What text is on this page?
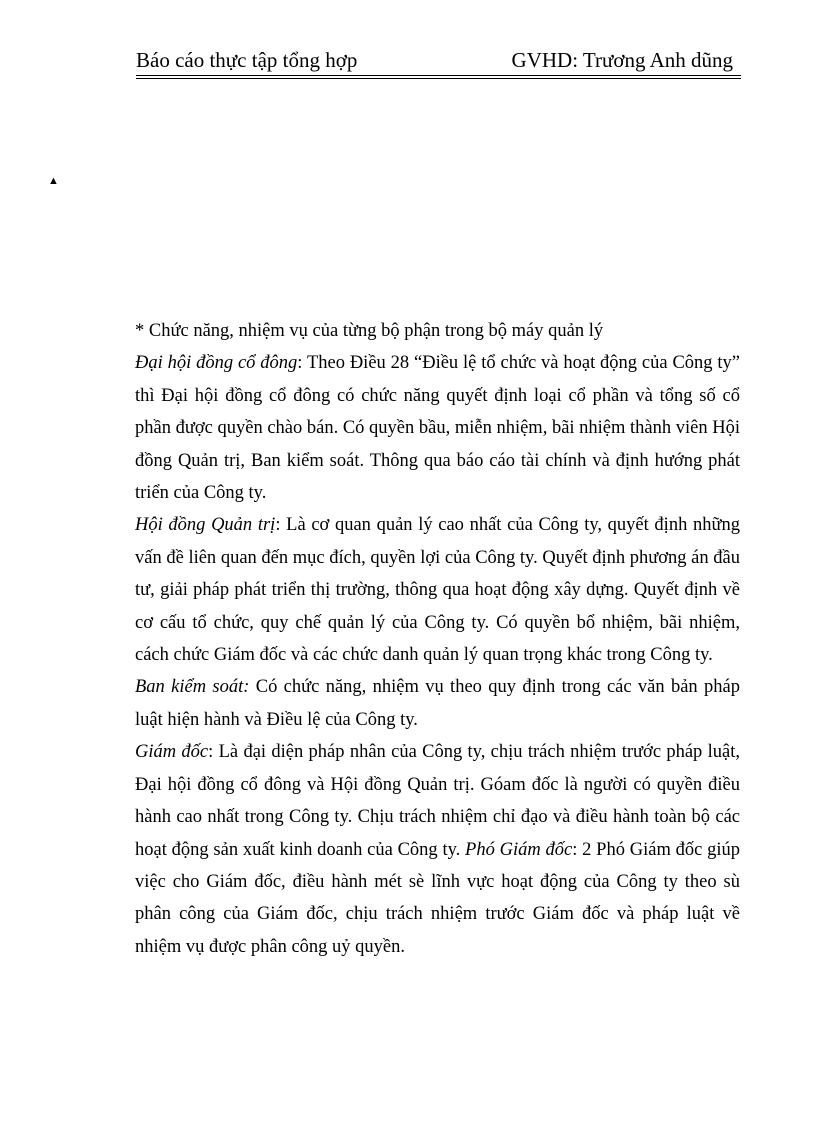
Báo cáo thực tập tổng hợp	GVHD: Trương Anh dũng
▲

* Chức năng, nhiệm vụ của từng bộ phận trong bộ máy quản lý

Đại hội đồng cổ đông: Theo Điều 28 “Điều lệ tổ chức và hoạt động của Công ty” thì Đại hội đồng cổ đông có chức năng quyết định loại cổ phần và tổng số cổ phần được quyền chào bán. Có quyền bầu, miễn nhiệm, bãi nhiệm thành viên Hội đồng Quản trị, Ban kiểm soát. Thông qua báo cáo tài chính và định hướng phát triển của Công ty.

Hội đồng Quản trị: Là cơ quan quản lý cao nhất của Công ty, quyết định những vấn đề liên quan đến mục đích, quyền lợi của Công ty. Quyết định phương án đầu tư, giải pháp phát triển thị trường, thông qua hoạt động xây dựng. Quyết định về cơ cấu tổ chức, quy chế quản lý của Công ty. Có quyền bổ nhiệm, bãi nhiệm, cách chức Giám đốc và các chức danh quản lý quan trọng khác trong Công ty.

Ban kiểm soát: Có chức năng, nhiệm vụ theo quy định trong các văn bản pháp luật hiện hành và Điều lệ của Công ty.

Giám đốc: Là đại diện pháp nhân của Công ty, chịu trách nhiệm trước pháp luật, Đại hội đồng cổ đông và Hội đồng Quản trị. Góam đốc là người có quyền điều hành cao nhất trong Công ty. Chịu trách nhiệm chỉ đạo và điều hành toàn bộ các hoạt động sản xuất kinh doanh của Công ty. Phó Giám đốc: 2 Phó Giám đốc giúp việc cho Giám đốc, điều hành mét sè lĩnh vực hoạt động của Công ty theo sù phân công của Giám đốc, chịu trách nhiệm trước Giám đốc và pháp luật về nhiệm vụ được phân công uỷ quyền.
